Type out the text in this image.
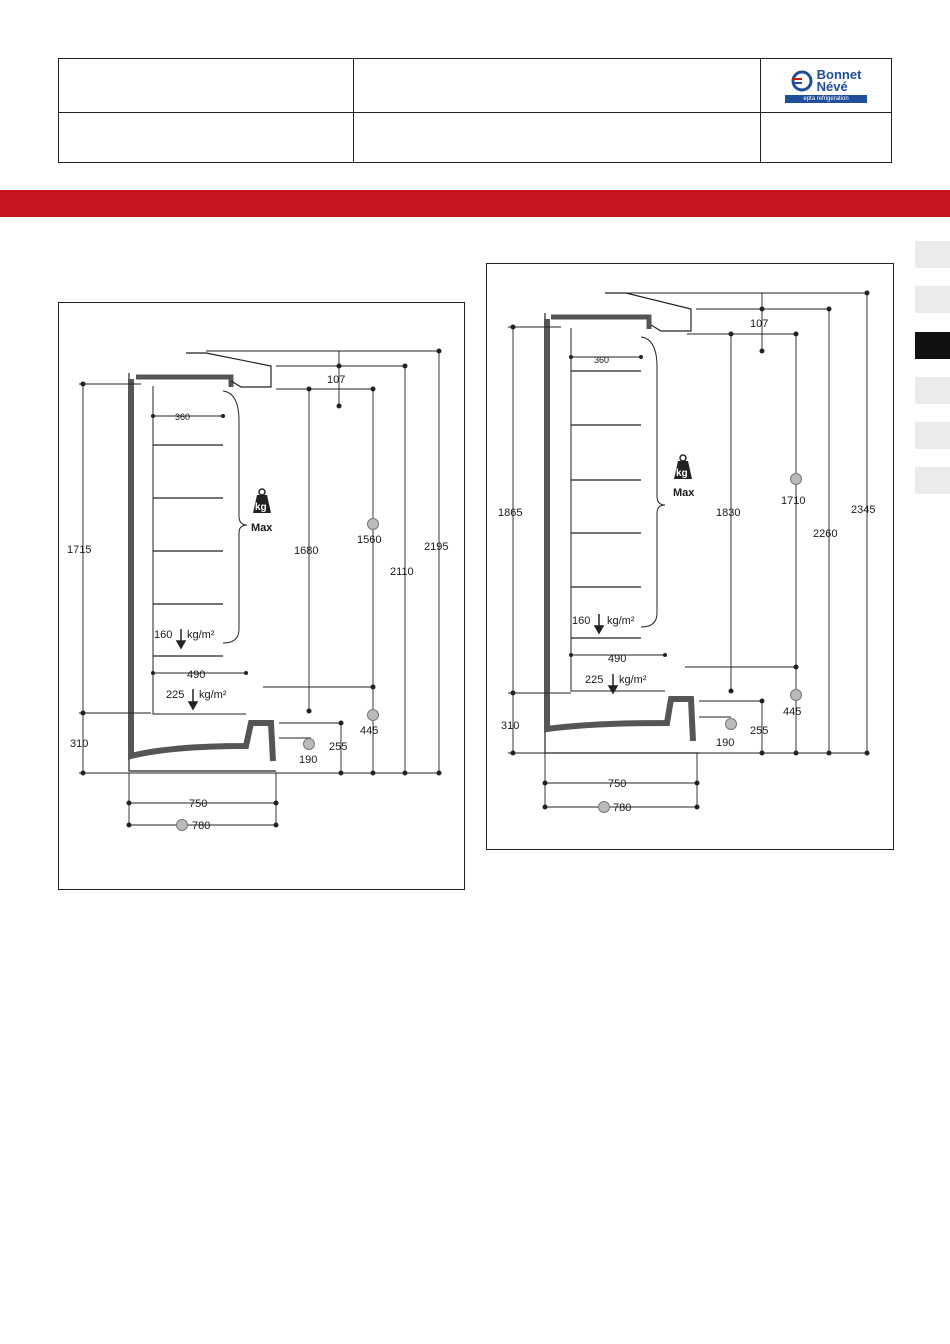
		Bonnet
Névé
epta refrigeration

kg
Max
107
360
160 kg/m²
490
225 kg/m²
1715	1680
1560
2110
2195
310
190
255
445
750
780
kg
Max
107
360
160 kg/m²
490
225 kg/m²
1865	1830
1710
2260
2345
310
190
255
445
750
780
